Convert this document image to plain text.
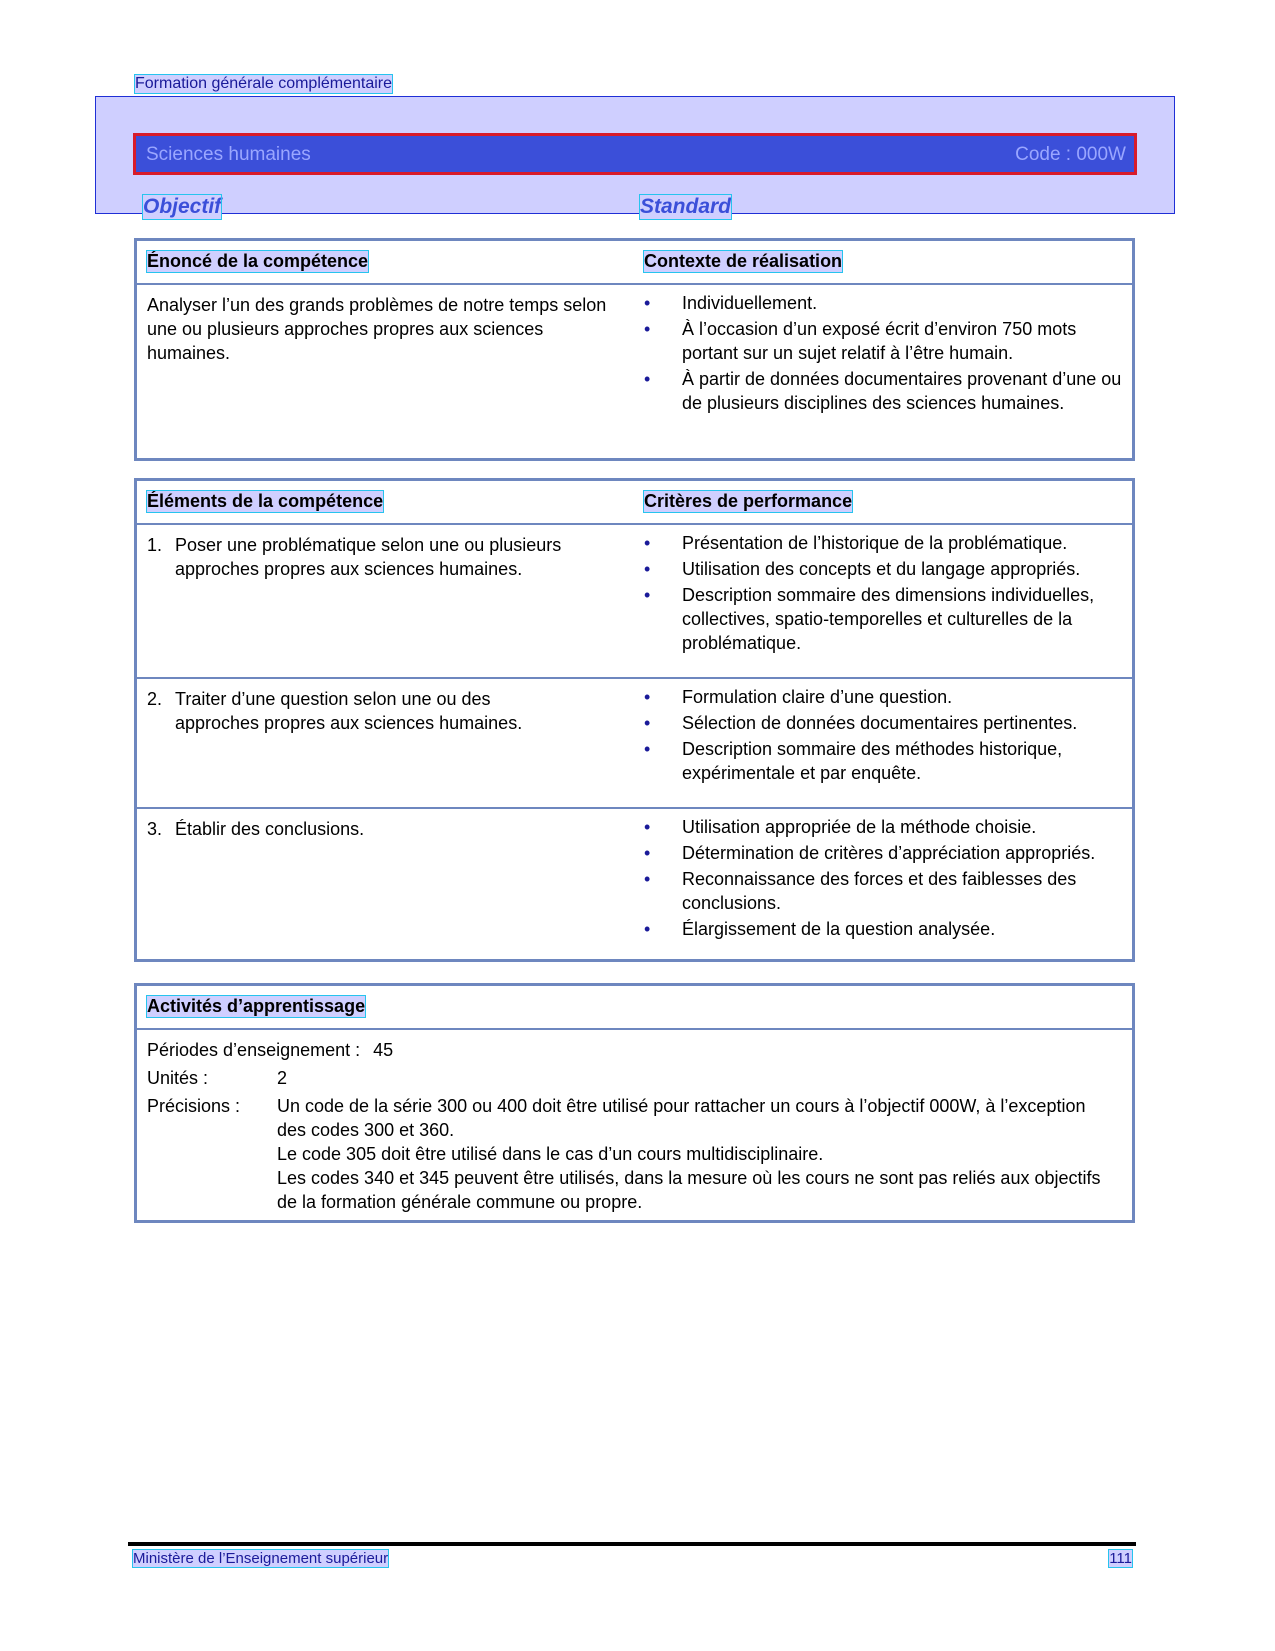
Formation générale complémentaire
Sciences humaines	Code : 000W
Objectif	Standard
Énoncé de la compétence	Contexte de réalisation
Analyser l’un des grands problèmes de notre temps selon une ou plusieurs approches propres aux sciences humaines.
• Individuellement.
• À l’occasion d’un exposé écrit d’environ 750 mots portant sur un sujet relatif à l’être humain.
• À partir de données documentaires provenant d’une ou de plusieurs disciplines des sciences humaines.
Éléments de la compétence	Critères de performance
1. Poser une problématique selon une ou plusieurs
approches propres aux sciences humaines.
• Présentation de l’historique de la problématique.
• Utilisation des concepts et du langage appropriés.
• Description sommaire des dimensions individuelles, collectives, spatio-temporelles et culturelles de la problématique.
2. Traiter d’une question selon une ou des
approches propres aux sciences humaines.
• Formulation claire d’une question.
• Sélection de données documentaires pertinentes.
• Description sommaire des méthodes historique, expérimentale et par enquête.
3. Établir des conclusions.
•	Utilisation appropriée de la méthode choisie.
• Détermination de critères d’appréciation appropriés.
• Reconnaissance des forces et des faiblesses des conclusions.
• Élargissement de la question analysée.
Activités d’apprentissage
Périodes d’enseignement : 45
Unités :	2
Précisions : Un code de la série 300 ou 400 doit être utilisé pour rattacher un cours à l’objectif 000W, à l’exception des codes 300 et 360.
Le code 305 doit être utilisé dans le cas d’un cours multidisciplinaire.
Les codes 340 et 345 peuvent être utilisés, dans la mesure où les cours ne sont pas reliés aux objectifs de la formation générale commune ou propre.
Ministère de l’Enseignement supérieur	111
